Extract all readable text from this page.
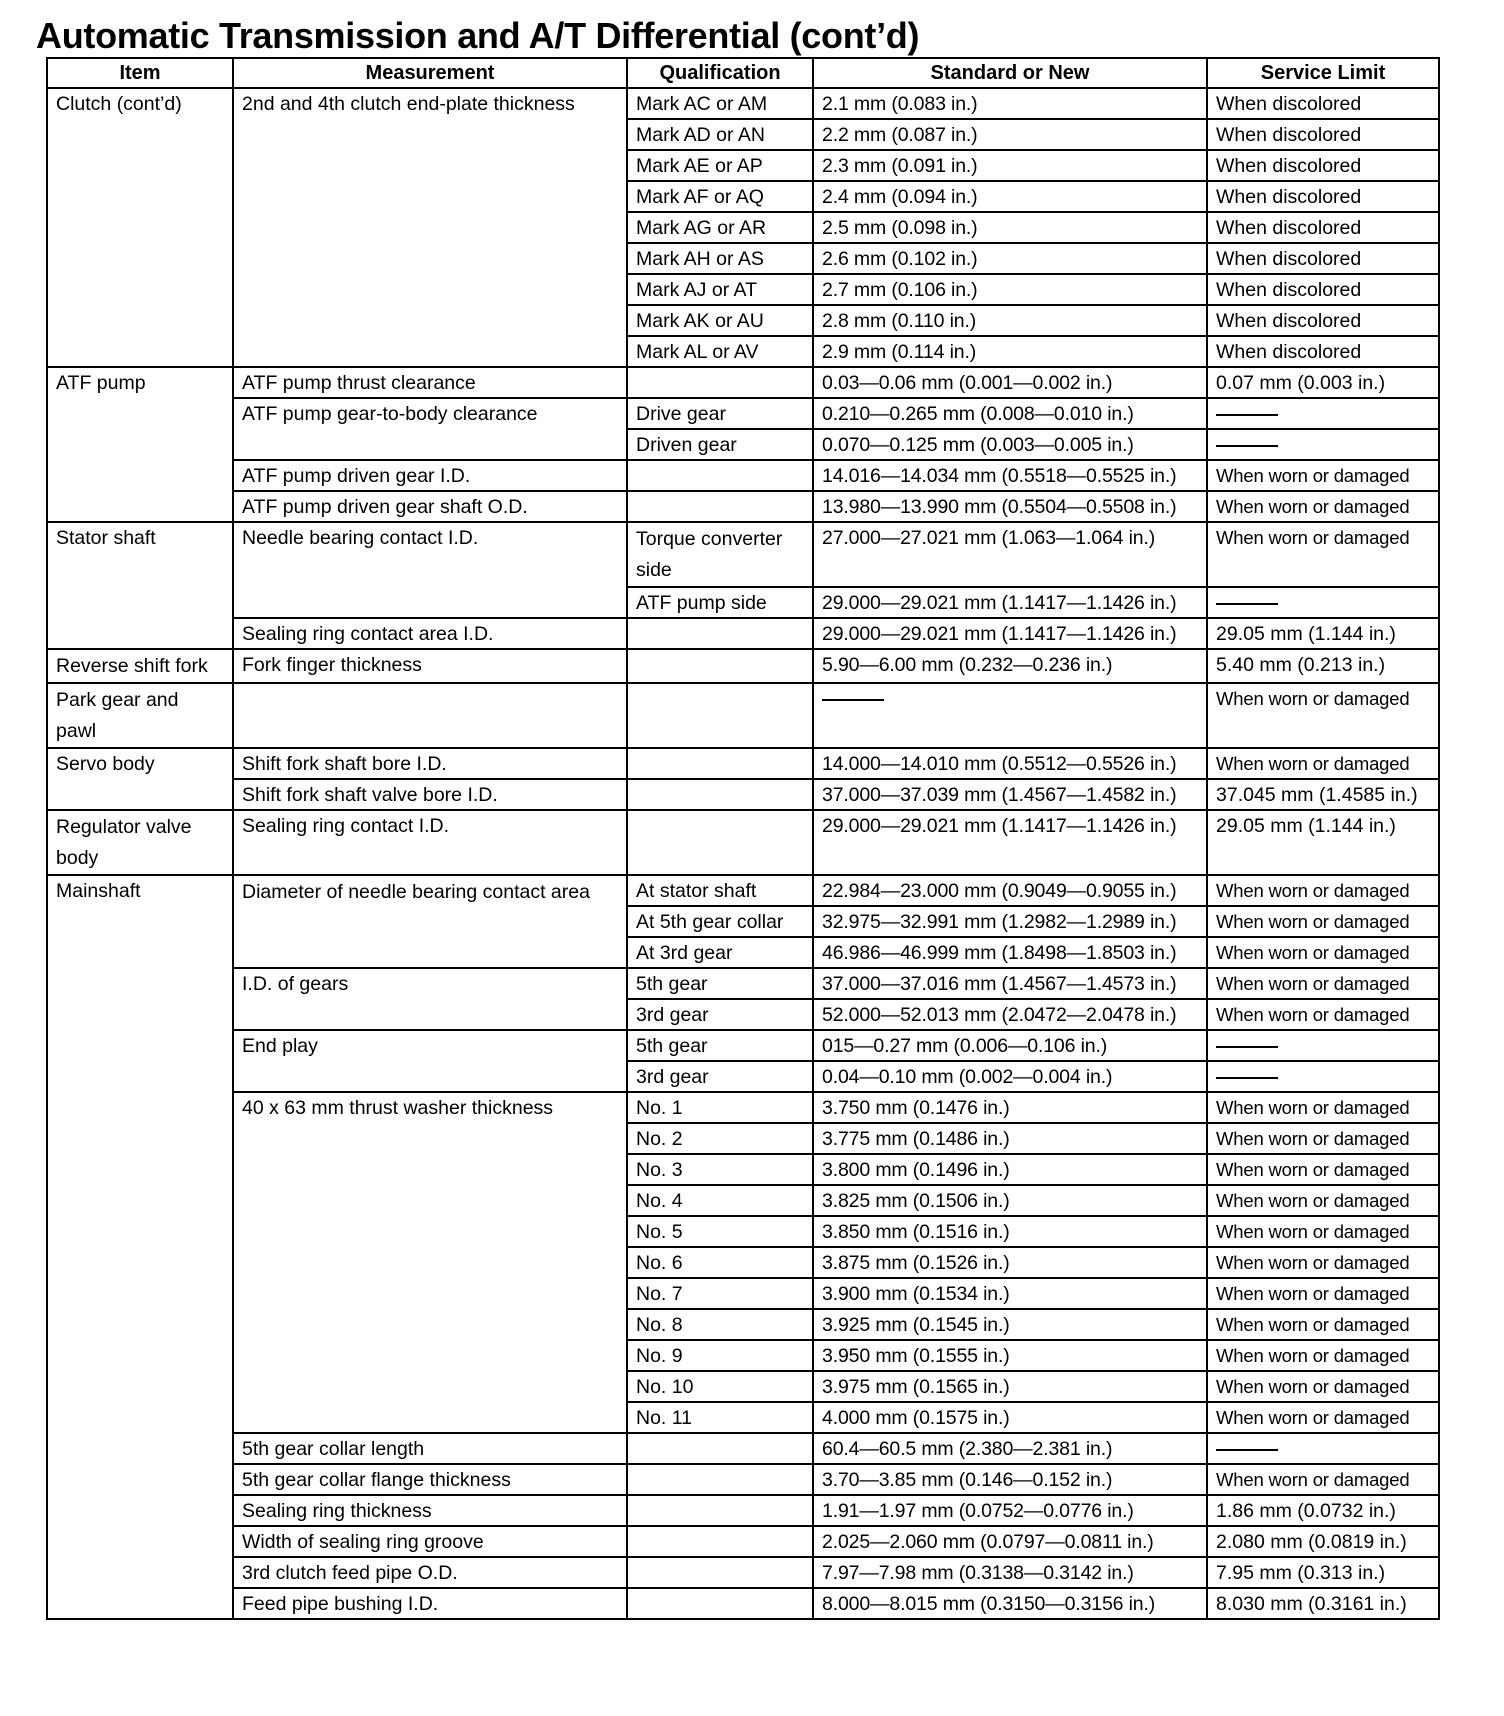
Automatic Transmission and A/T Differential (cont’d)
Item	Measurement	Qualification	Standard or New	Service Limit
Clutch (cont’d)	2nd and 4th clutch end-plate thickness	Mark AC or AM	2.1 mm (0.083 in.)	When discolored
		Mark AD or AN	2.2 mm (0.087 in.)	When discolored
		Mark AE or AP	2.3 mm (0.091 in.)	When discolored
		Mark AF or AQ	2.4 mm (0.094 in.)	When discolored
		Mark AG or AR	2.5 mm (0.098 in.)	When discolored
		Mark AH or AS	2.6 mm (0.102 in.)	When discolored
		Mark AJ or AT	2.7 mm (0.106 in.)	When discolored
		Mark AK or AU	2.8 mm (0.110 in.)	When discolored
		Mark AL or AV	2.9 mm (0.114 in.)	When discolored
ATF pump	ATF pump thrust clearance		0.03—0.06 mm (0.001—0.002 in.)	0.07 mm (0.003 in.)
	ATF pump gear-to-body clearance	Drive gear	0.210—0.265 mm (0.008—0.010 in.)	
		Driven gear	0.070—0.125 mm (0.003—0.005 in.)	
	ATF pump driven gear I.D.		14.016—14.034 mm (0.5518—0.5525 in.)	When worn or damaged
	ATF pump driven gear shaft O.D.		13.980—13.990 mm (0.5504—0.5508 in.)	When worn or damaged
Stator shaft	Needle bearing contact I.D.	Torque converter side	27.000—27.021 mm (1.063—1.064 in.)	When worn or damaged
		ATF pump side	29.000—29.021 mm (1.1417—1.1426 in.)	
	Sealing ring contact area I.D.		29.000—29.021 mm (1.1417—1.1426 in.)	29.05 mm (1.144 in.)
Reverse shift fork	Fork finger thickness		5.90—6.00 mm (0.232—0.236 in.)	5.40 mm (0.213 in.)
Park gear and pawl				When worn or damaged
Servo body	Shift fork shaft bore I.D.		14.000—14.010 mm (0.5512—0.5526 in.)	When worn or damaged
	Shift fork shaft valve bore I.D.		37.000—37.039 mm (1.4567—1.4582 in.)	37.045 mm (1.4585 in.)
Regulator valve body	Sealing ring contact I.D.		29.000—29.021 mm (1.1417—1.1426 in.)	29.05 mm (1.144 in.)
Mainshaft	Diameter of needle bearing contact area	At stator shaft	22.984—23.000 mm (0.9049—0.9055 in.)	When worn or damaged
		At 5th gear collar	32.975—32.991 mm (1.2982—1.2989 in.)	When worn or damaged
		At 3rd gear	46.986—46.999 mm (1.8498—1.8503 in.)	When worn or damaged
	I.D. of gears	5th gear	37.000—37.016 mm (1.4567—1.4573 in.)	When worn or damaged
		3rd gear	52.000—52.013 mm (2.0472—2.0478 in.)	When worn or damaged
	End play	5th gear	015—0.27 mm (0.006—0.106 in.)	
		3rd gear	0.04—0.10 mm (0.002—0.004 in.)	
	40 x 63 mm thrust washer thickness	No. 1	3.750 mm (0.1476 in.)	When worn or damaged
		No. 2	3.775 mm (0.1486 in.)	When worn or damaged
		No. 3	3.800 mm (0.1496 in.)	When worn or damaged
		No. 4	3.825 mm (0.1506 in.)	When worn or damaged
		No. 5	3.850 mm (0.1516 in.)	When worn or damaged
		No. 6	3.875 mm (0.1526 in.)	When worn or damaged
		No. 7	3.900 mm (0.1534 in.)	When worn or damaged
		No. 8	3.925 mm (0.1545 in.)	When worn or damaged
		No. 9	3.950 mm (0.1555 in.)	When worn or damaged
		No. 10	3.975 mm (0.1565 in.)	When worn or damaged
		No. 11	4.000 mm (0.1575 in.)	When worn or damaged
	5th gear collar length		60.4—60.5 mm (2.380—2.381 in.)	
	5th gear collar flange thickness		3.70—3.85 mm (0.146—0.152 in.)	When worn or damaged
	Sealing ring thickness		1.91—1.97 mm (0.0752—0.0776 in.)	1.86 mm (0.0732 in.)
	Width of sealing ring groove		2.025—2.060 mm (0.0797—0.0811 in.)	2.080 mm (0.0819 in.)
	3rd clutch feed pipe O.D.		7.97—7.98 mm (0.3138—0.3142 in.)	7.95 mm (0.313 in.)
	Feed pipe bushing I.D.		8.000—8.015 mm (0.3150—0.3156 in.)	8.030 mm (0.3161 in.)
